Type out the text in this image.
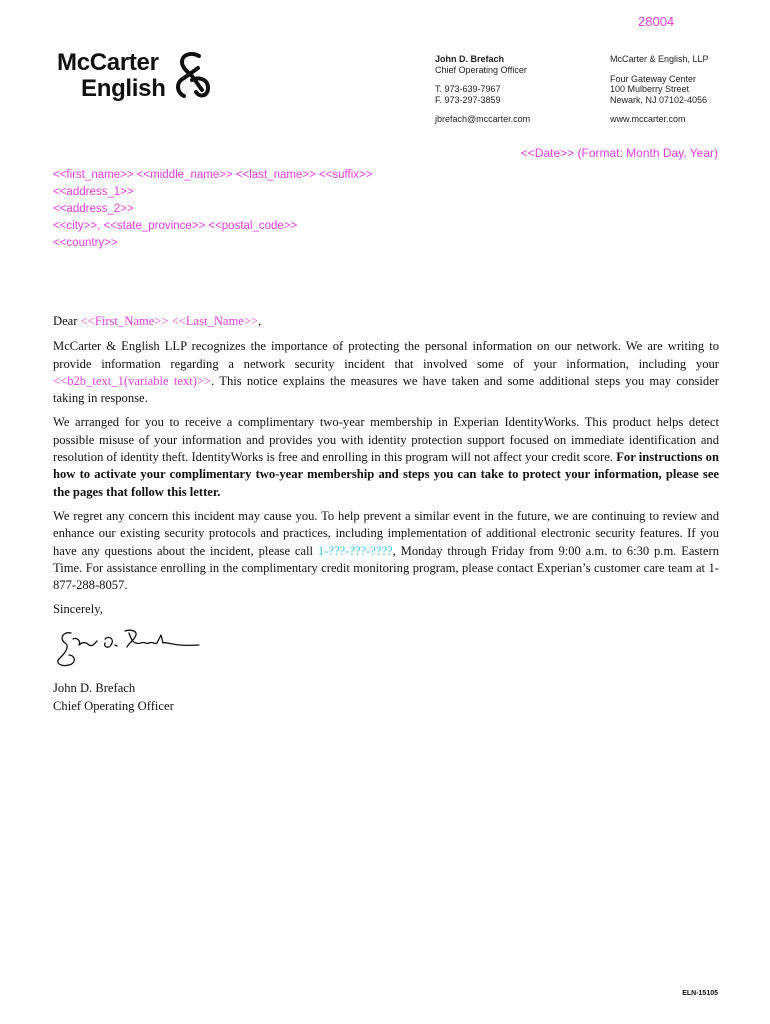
28004
McCarter
English
John D. Brefach
Chief Operating Officer
T. 973-639-7967
F. 973-297-3859
jbrefach@mccarter.com
McCarter & English, LLP
Four Gateway Center
100 Mulberry Street
Newark, NJ 07102-4056
www.mccarter.com
<<Date>> (Format: Month Day, Year)
<<first_name>> <<middle_name>> <<last_name>> <<suffix>>
<<address_1>>
<<address_2>>
<<city>>, <<state_province>> <<postal_code>>
<<country>>

Dear <<First_Name>> <<Last_Name>>,

McCarter & English LLP recognizes the importance of protecting the personal information on our network. We are writing to provide information regarding a network security incident that involved some of your information, including your <<b2b_text_1(variable text)>>. This notice explains the measures we have taken and some additional steps you may consider taking in response.

We arranged for you to receive a complimentary two-year membership in Experian IdentityWorks. This product helps detect possible misuse of your information and provides you with identity protection support focused on immediate identification and resolution of identity theft. IdentityWorks is free and enrolling in this program will not affect your credit score. For instructions on how to activate your complimentary two-year membership and steps you can take to protect your information, please see the pages that follow this letter.

We regret any concern this incident may cause you. To help prevent a similar event in the future, we are continuing to review and enhance our existing security protocols and practices, including implementation of additional electronic security features. If you have any questions about the incident, please call 1-???-???-????, Monday through Friday from 9:00 a.m. to 6:30 p.m. Eastern Time. For assistance enrolling in the complimentary credit monitoring program, please contact Experian’s customer care team at 1-877-288-8057.

Sincerely,

John D. Brefach
Chief Operating Officer
ELN-15105
